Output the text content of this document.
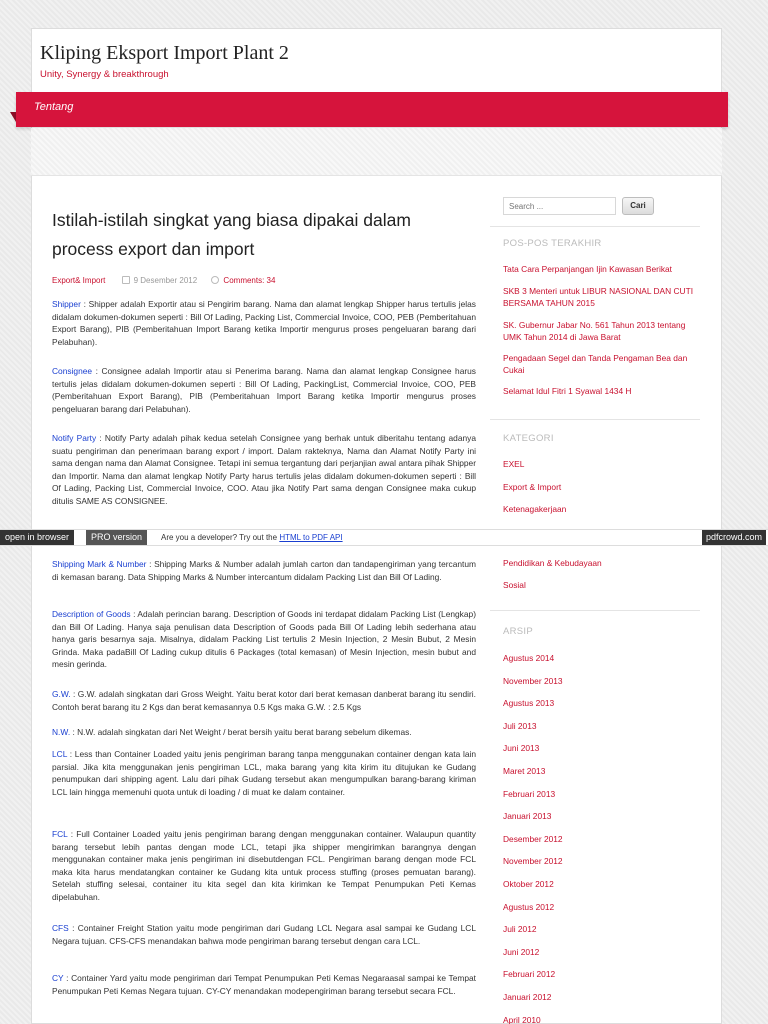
Kliping Eksport Import Plant 2
Unity, Synergy & breakthrough
Tentang
Istilah-istilah singkat yang biasa dipakai dalam process export dan import
Export& Import	9 Desember 2012	Comments: 34
Shipper : Shipper adalah Exportir atau si Pengirim barang. Nama dan alamat lengkap Shipper harus tertulis jelas didalam dokumen-dokumen seperti : Bill Of Lading, Packing List, Commercial Invoice, COO, PEB (Pemberitahuan Export Barang), PIB (Pemberitahuan Import Barang ketika Importir mengurus proses pengeluaran barang dari Pelabuhan).
Consignee : Consignee adalah Importir atau si Penerima barang. Nama dan alamat lengkap Consignee harus tertulis jelas didalam dokumen-dokumen seperti : Bill Of Lading, PackingList, Commercial Invoice, COO, PEB (Pemberitahuan Export Barang), PIB (Pemberitahuan Import Barang ketika Importir mengurus proses pengeluaran barang dari Pelabuhan).
Notify Party : Notify Party adalah pihak kedua setelah Consignee yang berhak untuk diberitahu tentang adanya suatu pengiriman dan penerimaan barang export / import. Dalam rakteknya, Nama dan Alamat Notify Party ini sama dengan nama dan Alamat Consignee. Tetapi ini semua tergantung dari perjanjian awal antara pihak Shipper dan Importir. Nama dan alamat lengkap Notify Party harus tertulis jelas didalam dokumen-dokumen seperti : Bill Of Lading, Packing List, Commercial Invoice, COO. Atau jika Notify Part sama dengan Consignee maka cukup ditulis SAME AS CONSIGNEE.
Shipping Mark & Number : Shipping Marks & Number adalah jumlah carton dan tandapengiriman yang tercantum di kemasan barang. Data Shipping Marks & Number intercantum didalam Packing List dan Bill Of Lading.
Description of Goods : Adalah perincian barang. Description of Goods ini terdapat didalam Packing List (Lengkap) dan Bill Of Lading. Hanya saja penulisan data Description of Goods pada Bill Of Lading lebih sederhana atau hanya garis besarnya saja. Misalnya, didalam Packing List tertulis 2 Mesin Injection, 2 Mesin Bubut, 2 Mesin Grinda. Maka padaBill Of Lading cukup ditulis 6 Packages (total kemasan) of Mesin Injection, mesin bubut and mesin gerinda.
G.W. : G.W. adalah singkatan dari Gross Weight. Yaitu berat kotor dari berat kemasan danberat barang itu sendiri. Contoh berat barang itu 2 Kgs dan berat kemasannya 0.5 Kgs maka G.W. : 2.5 Kgs
N.W. : N.W. adalah singkatan dari Net Weight / berat bersih yaitu berat barang sebelum dikemas.
LCL : Less than Container Loaded yaitu jenis pengiriman barang tanpa menggunakan container dengan kata lain parsial. Jika kita menggunakan jenis pengiriman LCL, maka barang yang kita kirim itu ditujukan ke Gudang penumpukan dari shipping agent. Lalu dari pihak Gudang tersebut akan mengumpulkan barang-barang kiriman LCL lain hingga memenuhi quota untuk di loading / di muat ke dalam container.
FCL : Full Container Loaded yaitu jenis pengiriman barang dengan menggunakan container. Walaupun quantity barang tersebut lebih pantas dengan mode LCL, tetapi jika shipper mengirimkan barangnya dengan menggunakan container maka jenis pengiriman ini disebutdengan FCL. Pengiriman barang dengan mode FCL maka kita harus mendatangkan container ke Gudang kita untuk process stuffing (proses pemuatan barang). Setelah stuffing selesai, container itu kita segel dan kita kirimkan ke Tempat Penumpukan Peti Kemas dipelabuhan.
CFS : Container Freight Station yaitu mode pengiriman dari Gudang LCL Negara asal sampai ke Gudang LCL Negara tujuan. CFS-CFS menandakan bahwa mode pengiriman barang tersebut dengan cara LCL.
CY : Container Yard yaitu mode pengiriman dari Tempat Penumpukan Peti Kemas Negaraasal sampai ke Tempat Penumpukan Peti Kemas Negara tujuan. CY-CY menandakan modepengiriman barang tersebut secara FCL.
Search ...
Cari
POS-POS TERAKHIR
Tata Cara Perpanjangan Ijin Kawasan Berikat
SKB 3 Menteri untuk LIBUR NASIONAL DAN CUTI BERSAMA TAHUN 2015
SK. Gubernur Jabar No. 561 Tahun 2013 tentang UMK Tahun 2014 di Jawa Barat
Pengadaan Segel dan Tanda Pengaman Bea dan Cukai
Selamat Idul Fitri 1 Syawal 1434 H
KATEGORI
EXEL
Export & Import
Ketenagakerjaan
Pendidikan & Kebudayaan
Sosial
ARSIP
Agustus 2014
November 2013
Agustus 2013
Juli 2013
Juni 2013
Maret 2013
Februari 2013
Januari 2013
Desember 2012
November 2012
Oktober 2012
Agustus 2012
Juli 2012
Juni 2012
Februari 2012
Januari 2012
April 2010
open in browser	PRO version	Are you a developer? Try out the HTML to PDF API	pdfcrowd.com
